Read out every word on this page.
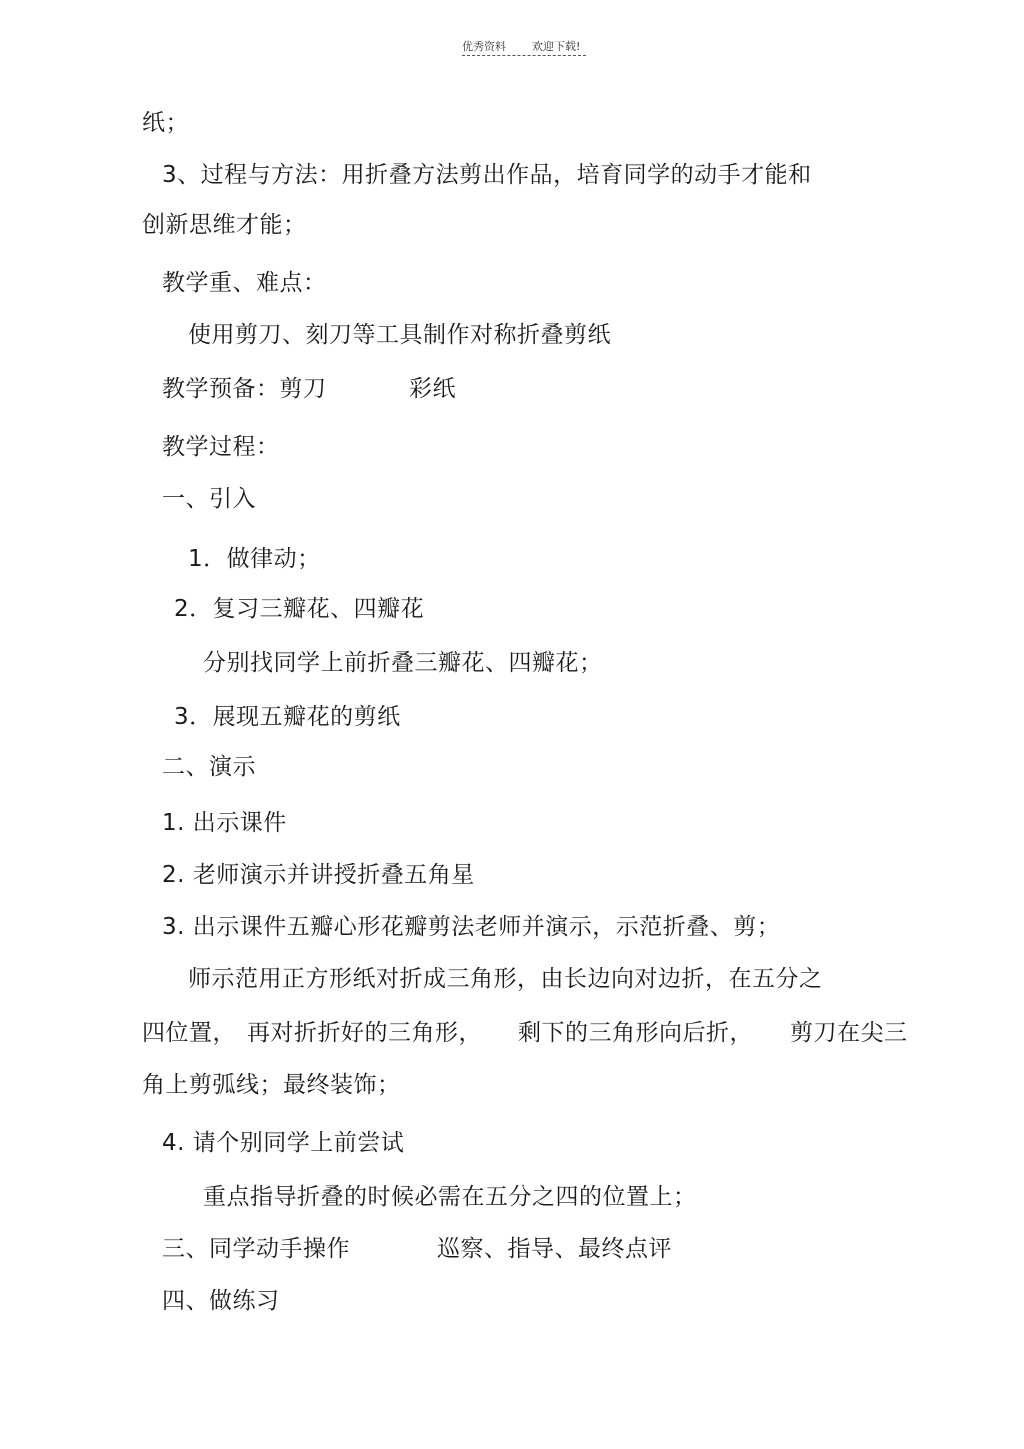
优秀资料 欢迎下载!
纸；
3、过程与方法：用折叠方法剪出作品，培育同学的动手才能和
创新思维才能；
教学重、难点：
使用剪刀、刻刀等工具制作对称折叠剪纸
教学预备：剪刀	彩纸
教学过程：
一、引入
1．做律动；
2．复习三瓣花、四瓣花
分别找同学上前折叠三瓣花、四瓣花；
3．展现五瓣花的剪纸
二、演示
1. 出示课件
2. 老师演示并讲授折叠五角星
3. 出示课件五瓣心形花瓣剪法老师并演示，示范折叠、剪；
师示范用正方形纸对折成三角形，由长边向对边折，在五分之
四位置， 再对折折好的三角形， 剩下的三角形向后折， 剪刀在尖三
角上剪弧线；最终装饰；
4. 请个别同学上前尝试
重点指导折叠的时候必需在五分之四的位置上；
三、同学动手操作	巡察、指导、最终点评
四、做练习
